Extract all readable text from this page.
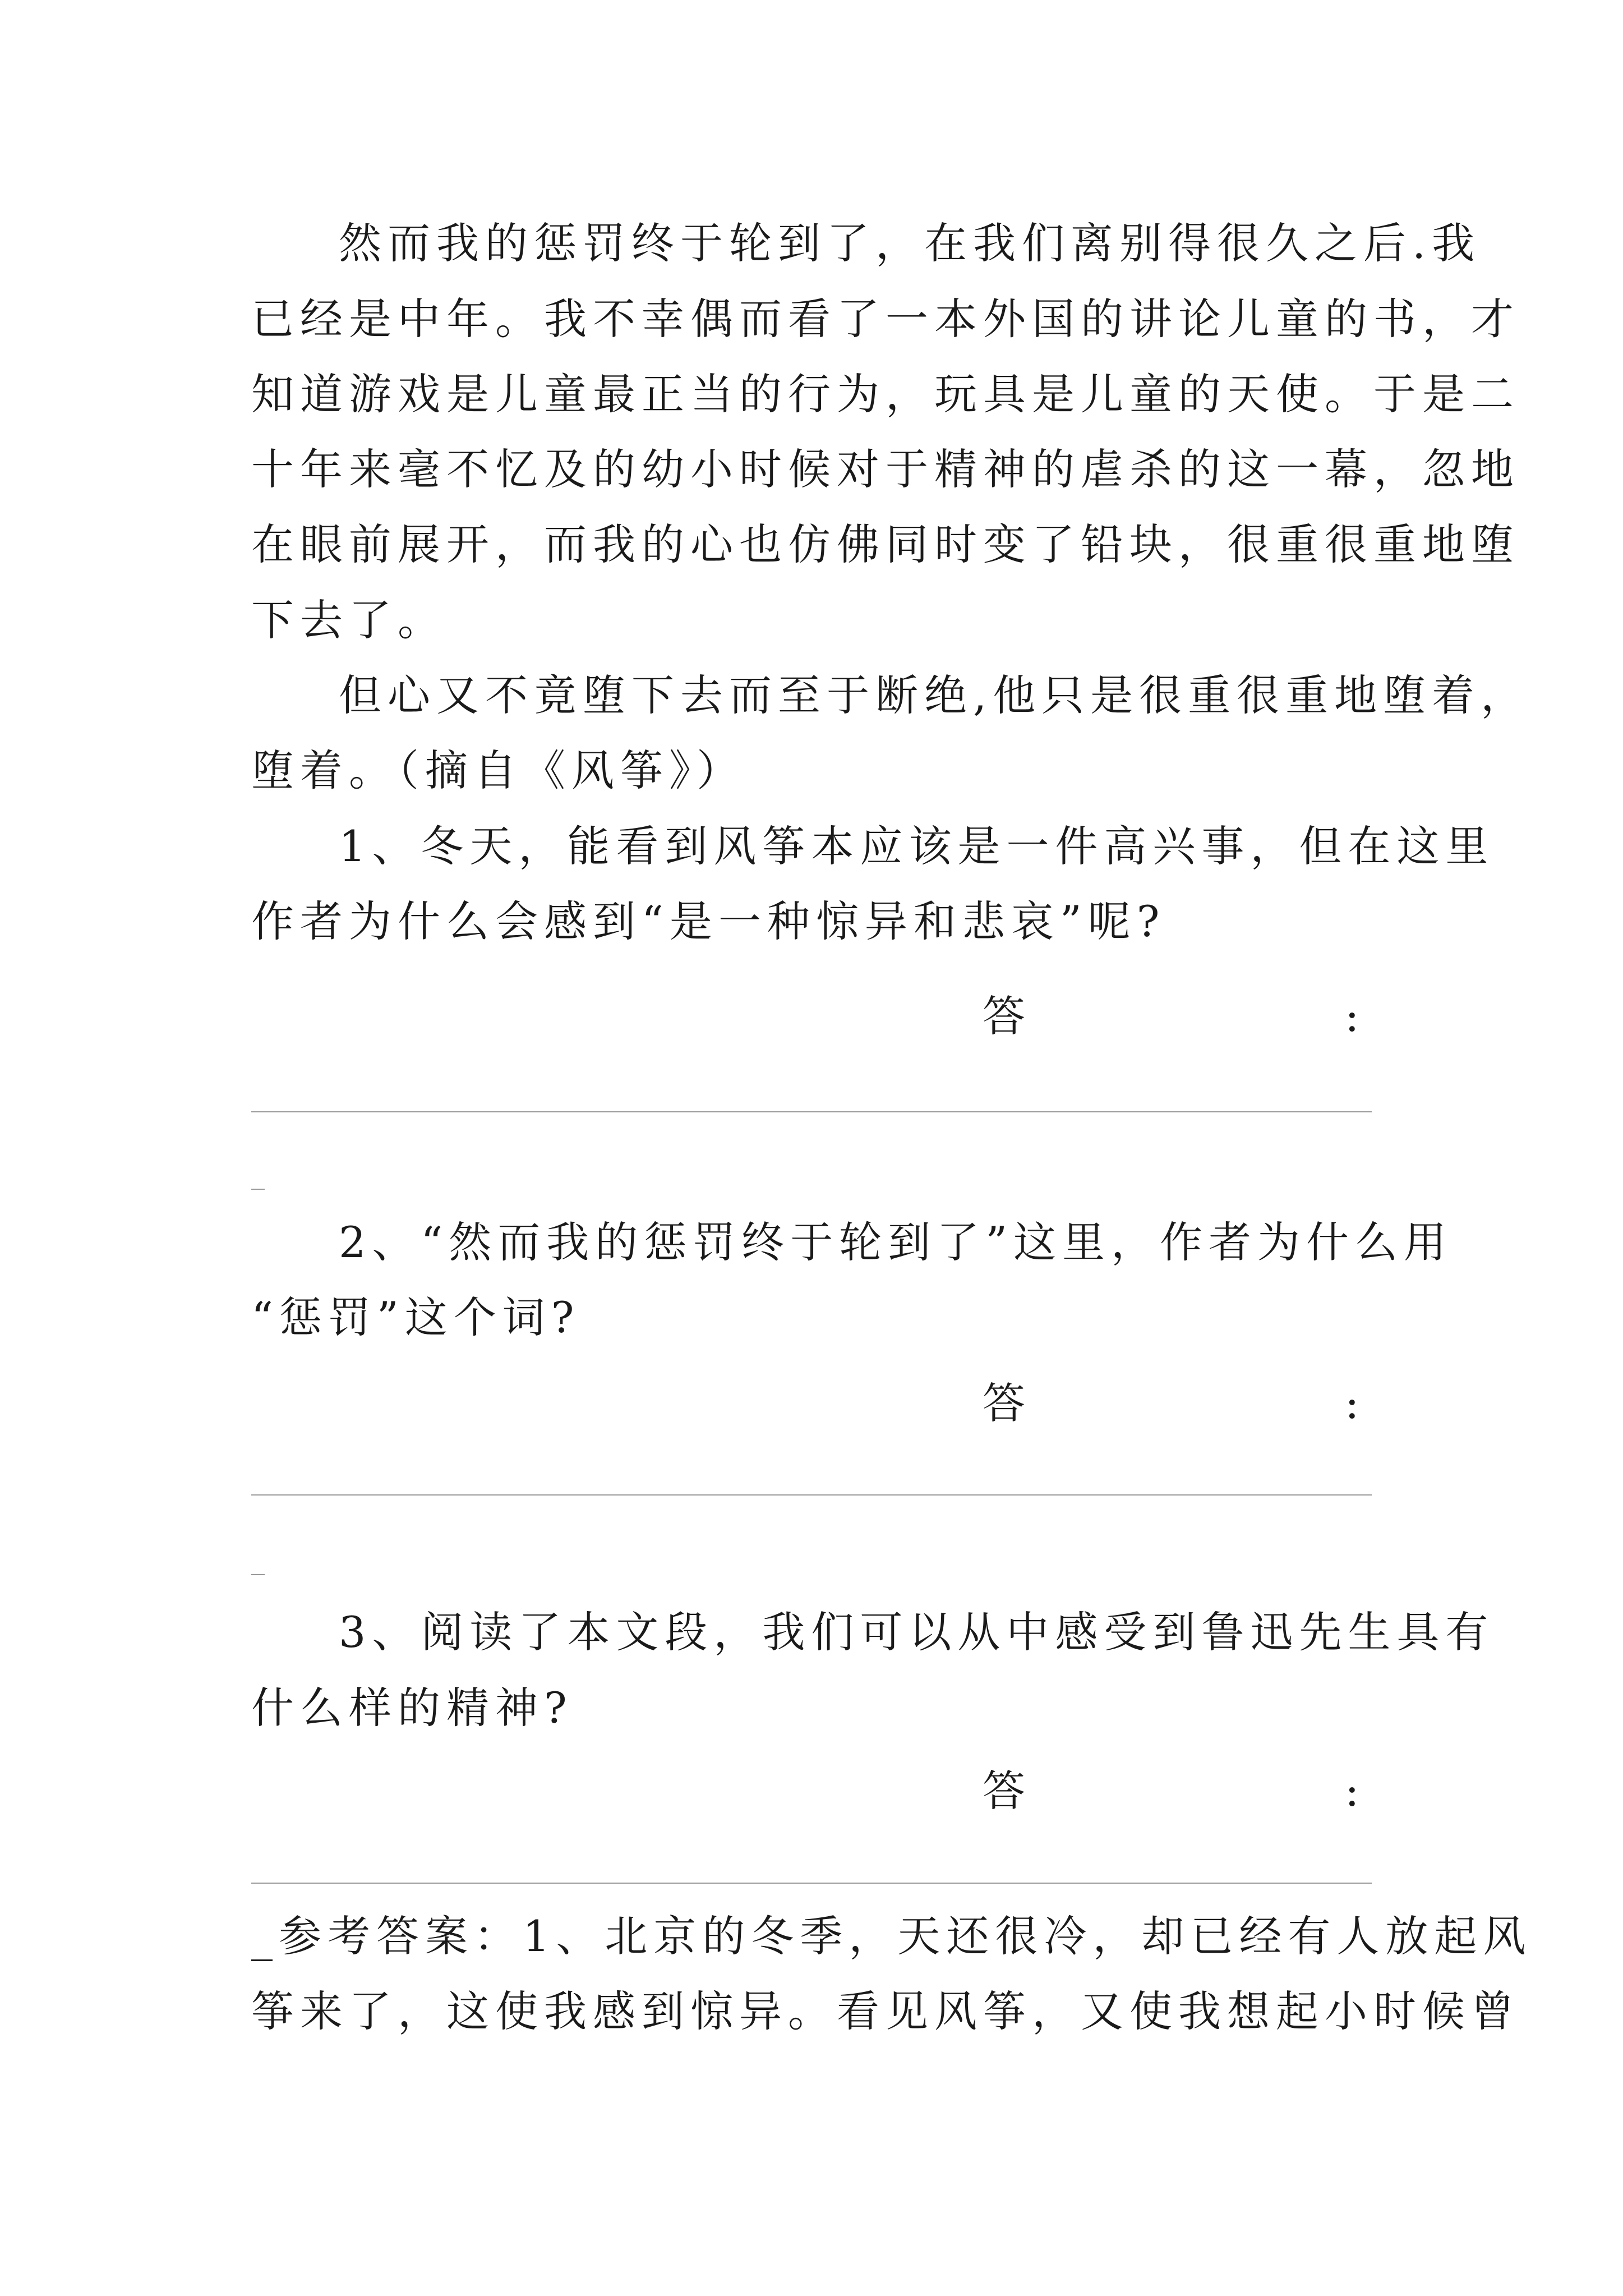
然而我的惩罚终于轮到了，在我们离别得很久之后.我
已经是中年。我不幸偶而看了一本外国的讲论儿童的书，才
知道游戏是儿童最正当的行为，玩具是儿童的天使。于是二
十年来毫不忆及的幼小时候对于精神的虐杀的这一幕，忽地
在眼前展开，而我的心也仿佛同时变了铅块，很重很重地堕
下去了。
但心又不竟堕下去而至于断绝,他只是很重很重地堕着，
堕着。（摘自《风筝》）
1、冬天，能看到风筝本应该是一件高兴事，但在这里
作者为什么会感到“是一种惊异和悲哀”呢?
答	:
2、“然而我的惩罚终于轮到了”这里，作者为什么用
“惩罚”这个词?
答	:
3、阅读了本文段，我们可以从中感受到鲁迅先生具有
什么样的精神?
答	:
_参考答案：1、北京的冬季，天还很冷，却已经有人放起风
筝来了，这使我感到惊异。看见风筝，又使我想起小时候曾
